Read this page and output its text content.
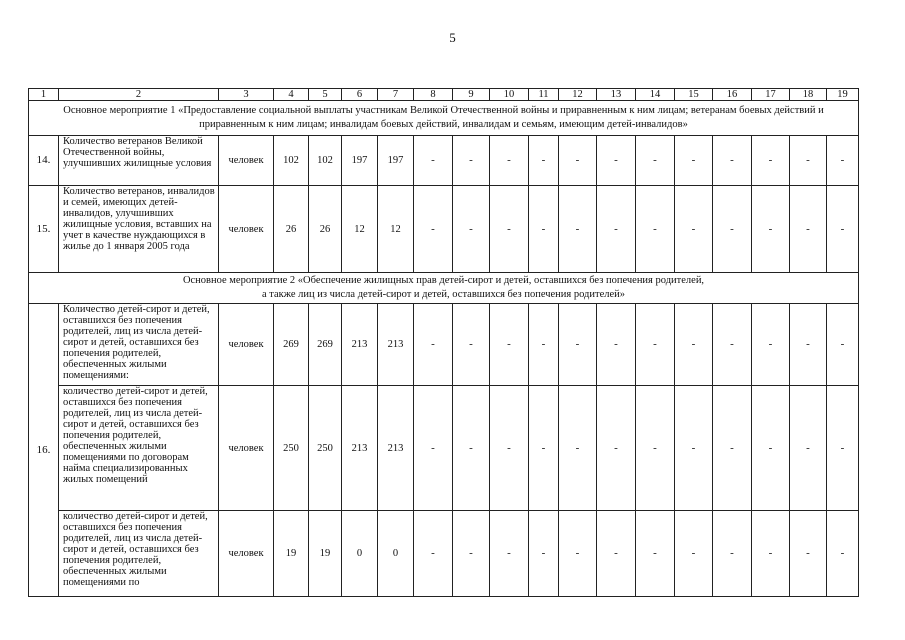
5
1	2	3	4	5	6	7	8	9	10	11	12	13	14	15	16	17	18	19
Основное мероприятие 1 «Предоставление социальной выплаты участникам Великой Отечественной войны и приравненным к ним лицам; ветеранам боевых действий и приравненным к ним лицам; инвалидам боевых действий, инвалидам и семьям, имеющим детей-инвалидов»																		
14.	Количество ветеранов Великой Отечественной войны, улучшивших жилищные условия	человек	102	102	197	197	-	-	-	-	-	-	-	-	-	-	-	-
15.	Количество ветеранов, инвалидов и семей, имеющих детей-инвалидов, улучшивших жилищные условия, вставших на учет в качестве нуждающихся в жилье до 1 января 2005 года	человек	26	26	12	12	-	-	-	-	-	-	-	-	-	-	-	-

Основное мероприятие 2 «Обеспечение жилищных прав детей-сирот и детей, оставшихся без попечения родителей,
а также лиц из числа детей-сирот и детей, оставшихся без попечения родителей»																		

16.	Количество детей-сирот и детей, оставшихся без попечения родителей, лиц из числа детей-сирот и детей, оставшихся без попечения родителей, обеспеченных жилыми помещениями:	человек	269	269	213	213	-	-	-	-	-	-	-	-	-	-	-	-
	количество детей-сирот и детей, оставшихся без попечения родителей, лиц из числа детей-сирот и детей, оставшихся без попечения родителей, обеспеченных жилыми помещениями по договорам найма специализированных жилых помещений	человек	250	250	213	213	-	-	-	-	-	-	-	-	-	-	-	-
	количество детей-сирот и детей, оставшихся без попечения родителей, лиц из числа детей-сирот и детей, оставшихся без попечения родителей, обеспеченных жилыми помещениями по	человек	19	19	0	0	-	-	-	-	-	-	-	-	-	-	-	-
